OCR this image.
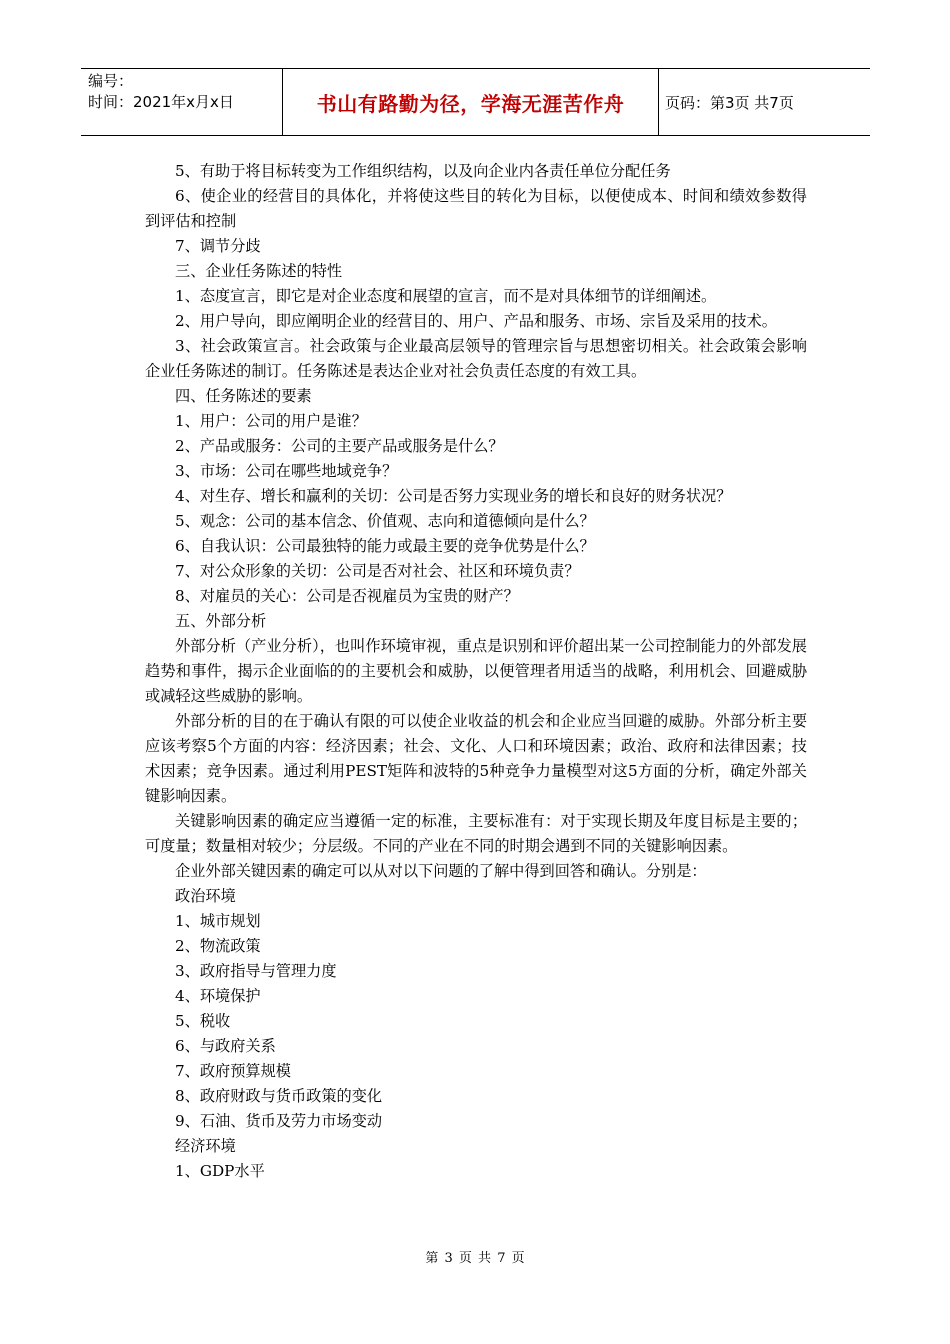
编号：
时间：2021年x月x日	书山有路勤为径，学海无涯苦作舟	页码：第3页 共7页

5、有助于将目标转变为工作组织结构，以及向企业内各责任单位分配任务

6、使企业的经营目的具体化，并将使这些目的转化为目标，以便使成本、时间和绩效参数得到评估和控制

7、调节分歧

三、企业任务陈述的特性

1、态度宣言，即它是对企业态度和展望的宣言，而不是对具体细节的详细阐述。

2、用户导向，即应阐明企业的经营目的、用户、产品和服务、市场、宗旨及采用的技术。

3、社会政策宣言。社会政策与企业最高层领导的管理宗旨与思想密切相关。社会政策会影响企业任务陈述的制订。任务陈述是表达企业对社会负责任态度的有效工具。

四、任务陈述的要素

1、用户：公司的用户是谁？

2、产品或服务：公司的主要产品或服务是什么？

3、市场：公司在哪些地域竞争？

4、对生存、增长和赢利的关切：公司是否努力实现业务的增长和良好的财务状况？

5、观念：公司的基本信念、价值观、志向和道德倾向是什么？

6、自我认识：公司最独特的能力或最主要的竞争优势是什么？

7、对公众形象的关切：公司是否对社会、社区和环境负责？

8、对雇员的关心：公司是否视雇员为宝贵的财产？

五、外部分析

外部分析（产业分析），也叫作环境审视，重点是识别和评价超出某一公司控制能力的外部发展趋势和事件，揭示企业面临的的主要机会和威胁，以便管理者用适当的战略，利用机会、回避威胁或减轻这些威胁的影响。

外部分析的目的在于确认有限的可以使企业收益的机会和企业应当回避的威胁。外部分析主要应该考察5个方面的内容：经济因素；社会、文化、人口和环境因素；政治、政府和法律因素；技术因素；竞争因素。通过利用PEST矩阵和波特的5种竞争力量模型对这5方面的分析，确定外部关键影响因素。

关键影响因素的确定应当遵循一定的标准，主要标准有：对于实现长期及年度目标是主要的；可度量；数量相对较少；分层级。不同的产业在不同的时期会遇到不同的关键影响因素。

企业外部关键因素的确定可以从对以下问题的了解中得到回答和确认。分别是：

政治环境

1、城市规划

2、物流政策

3、政府指导与管理力度

4、环境保护

5、税收

6、与政府关系

7、政府预算规模

8、政府财政与货币政策的变化

9、石油、货币及劳力市场变动

经济环境

1、GDP水平

第 3 页 共 7 页
